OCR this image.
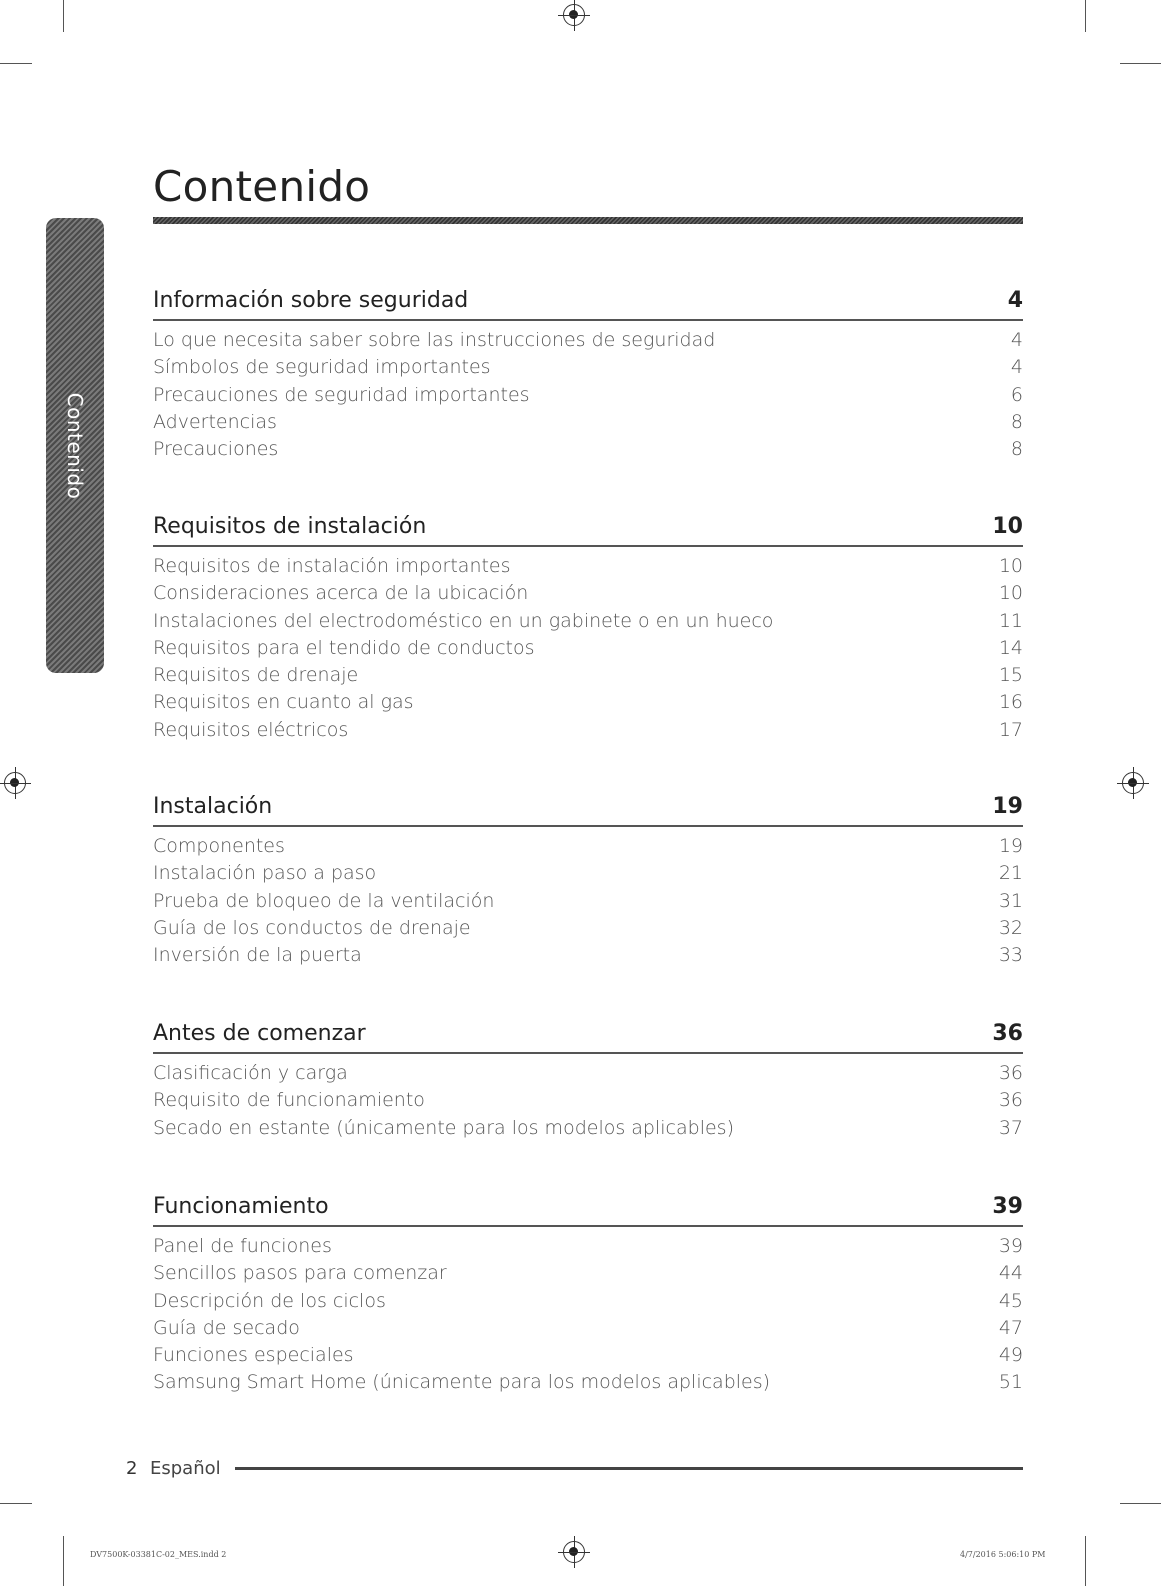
Contenido
Contenido
Información sobre seguridad	4
Lo que necesita saber sobre las instrucciones de seguridad	4
Símbolos de seguridad importantes	4
Precauciones de seguridad importantes	6
Advertencias	8
Precauciones	8
Requisitos de instalación	10
Requisitos de instalación importantes	10
Consideraciones acerca de la ubicación	10
Instalaciones del electrodoméstico en un gabinete o en un hueco	11
Requisitos para el tendido de conductos	14
Requisitos de drenaje	15
Requisitos en cuanto al gas	16
Requisitos eléctricos	17
Instalación	19
Componentes	19
Instalación paso a paso	21
Prueba de bloqueo de la ventilación	31
Guía de los conductos de drenaje	32
Inversión de la puerta	33
Antes de comenzar	36
Clasificación y carga	36
Requisito de funcionamiento	36
Secado en estante (únicamente para los modelos aplicables)	37
Funcionamiento	39
Panel de funciones	39
Sencillos pasos para comenzar	44
Descripción de los ciclos	45
Guía de secado	47
Funciones especiales	49
Samsung Smart Home (únicamente para los modelos aplicables)	51
2 Español
DV7500K-03381C-02_MES.indd 2	4/7/2016 5:06:10 PM
